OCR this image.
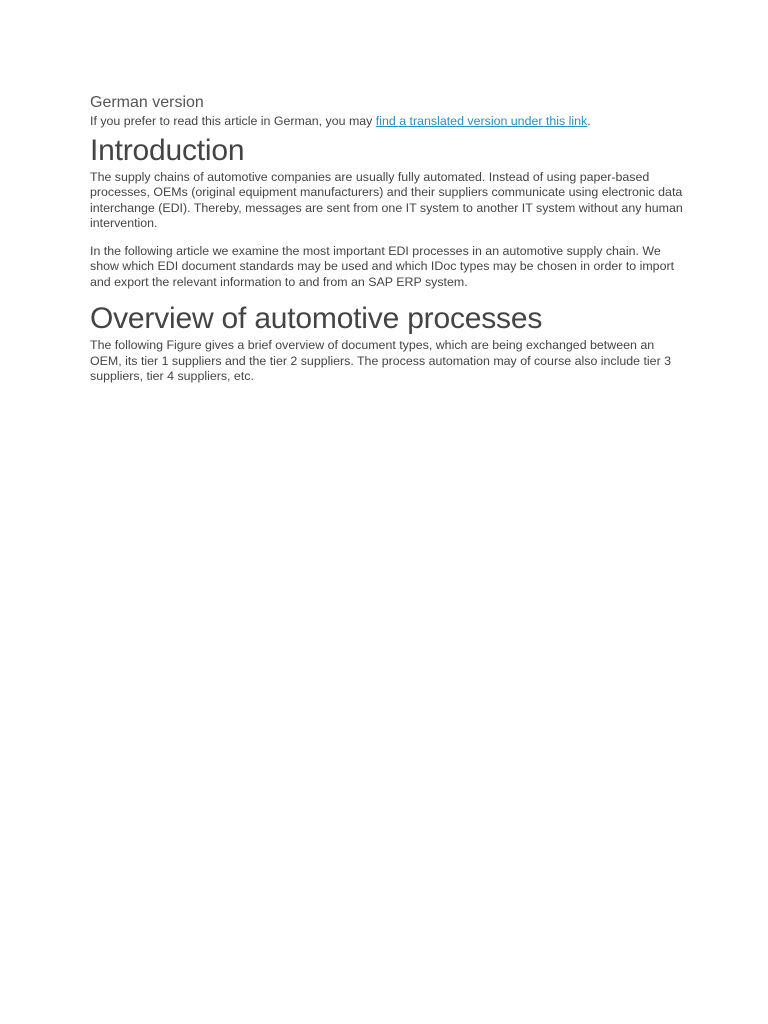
German version

If you prefer to read this article in German, you may find a translated version under this link.

Introduction

The supply chains of automotive companies are usually fully automated. Instead of using paper-based processes, OEMs (original equipment manufacturers) and their suppliers communicate using electronic data interchange (EDI). Thereby, messages are sent from one IT system to another IT system without any human intervention.

In the following article we examine the most important EDI processes in an automotive supply chain. We show which EDI document standards may be used and which IDoc types may be chosen in order to import and export the relevant information to and from an SAP ERP system.

Overview of automotive processes

The following Figure gives a brief overview of document types, which are being exchanged between an OEM, its tier 1 suppliers and the tier 2 suppliers. The process automation may of course also include tier 3 suppliers, tier 4 suppliers, etc.
